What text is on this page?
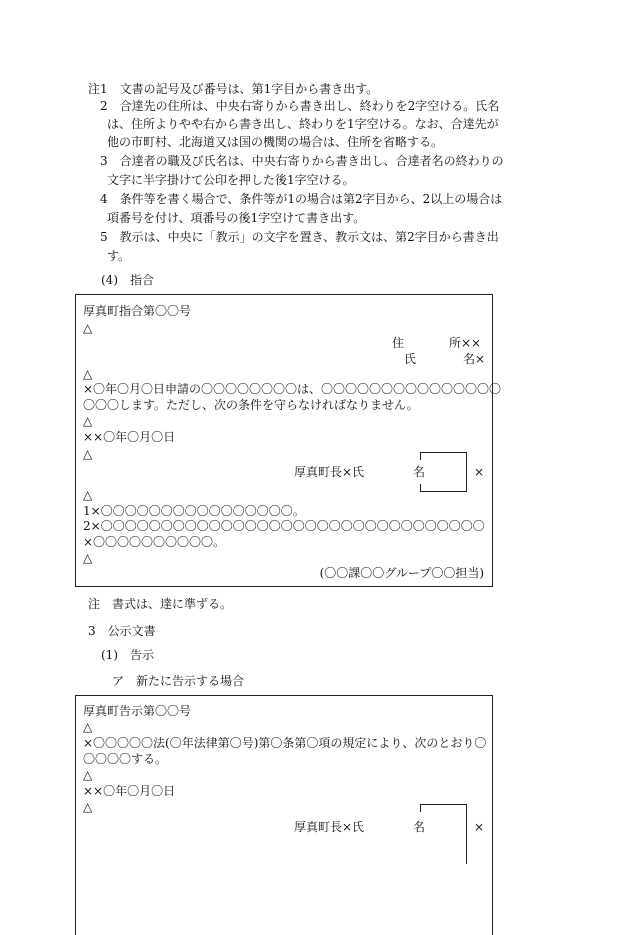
注1　文書の記号及び番号は、第1字目から書き出す。
2　合達先の住所は、中央右寄りから書き出し、終わりを2字空ける。氏名
は、住所よりやや右から書き出し、終わりを1字空ける。なお、合達先が
他の市町村、北海道又は国の機関の場合は、住所を省略する。
3　合達者の職及び氏名は、中央右寄りから書き出し、合達者名の終わりの
文字に半字掛けて公印を押した後1字空ける。
4　条件等を書く場合で、条件等が1の場合は第2字目から、2以上の場合は
項番号を付け、項番号の後1字空けて書き出す。
5　教示は、中央に「教示」の文字を置き、教示文は、第2字目から書き出
す。
(4)　指合
厚真町指合第〇〇号
△
住	所××
氏	名×
△
×〇年〇月〇日申請の〇〇〇〇〇〇〇〇は、〇〇〇〇〇〇〇〇〇〇〇〇〇〇〇
〇〇〇します。ただし、次の条件を守らなければなりません。
△
××〇年〇月〇日
△
厚真町長×氏	名	×
△
1×〇〇〇〇〇〇〇〇〇〇〇〇〇〇〇〇。
2×〇〇〇〇〇〇〇〇〇〇〇〇〇〇〇〇〇〇〇〇〇〇〇〇〇〇〇〇〇〇〇〇
×〇〇〇〇〇〇〇〇〇〇。
△
(〇〇課〇〇グループ〇〇担当)
注　書式は、達に準ずる。
3　公示文書
(1)　告示
ア　新たに告示する場合
厚真町告示第〇〇号
△
×〇〇〇〇〇法(〇年法律第〇号)第〇条第〇項の規定により、次のとおり〇
〇〇〇〇する。
△
××〇年〇月〇日
△
厚真町長×氏	名	×
